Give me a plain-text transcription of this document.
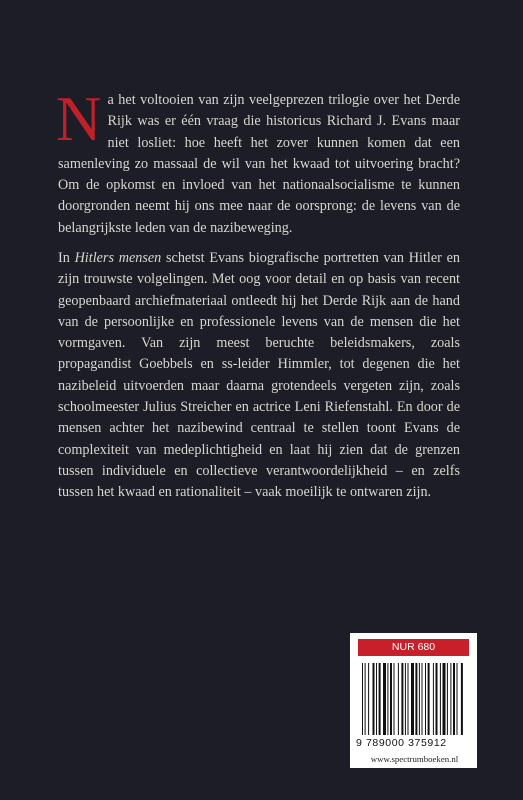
Na het voltooien van zijn veelgeprezen trilogie over het Derde Rijk was er één vraag die historicus Richard J. Evans maar niet losliet: hoe heeft het zover kunnen komen dat een samenleving zo massaal de wil van het kwaad tot uitvoering bracht? Om de opkomst en invloed van het nationaalsocialisme te kunnen doorgronden neemt hij ons mee naar de oorsprong: de levens van de belangrijkste leden van de nazibeweging.
In Hitlers mensen schetst Evans biografische portretten van Hitler en zijn trouwste volgelingen. Met oog voor detail en op basis van recent geopenbaard archiefmateriaal ontleedt hij het Derde Rijk aan de hand van de persoonlijke en professionele levens van de mensen die het vormgaven. Van zijn meest beruchte beleidsmakers, zoals propagandist Goebbels en ss-leider Himmler, tot degenen die het nazibeleid uitvoerden maar daarna grotendeels vergeten zijn, zoals schoolmeester Julius Streicher en actrice Leni Riefenstahl. En door de mensen achter het nazibewind centraal te stellen toont Evans de complexiteit van medeplichtigheid en laat hij zien dat de grenzen tussen individuele en collectieve verantwoordelijkheid – en zelfs tussen het kwaad en rationaliteit – vaak moeilijk te ontwaren zijn.
NUR 680
9 789000 375912
www.spectrumboeken.nl
